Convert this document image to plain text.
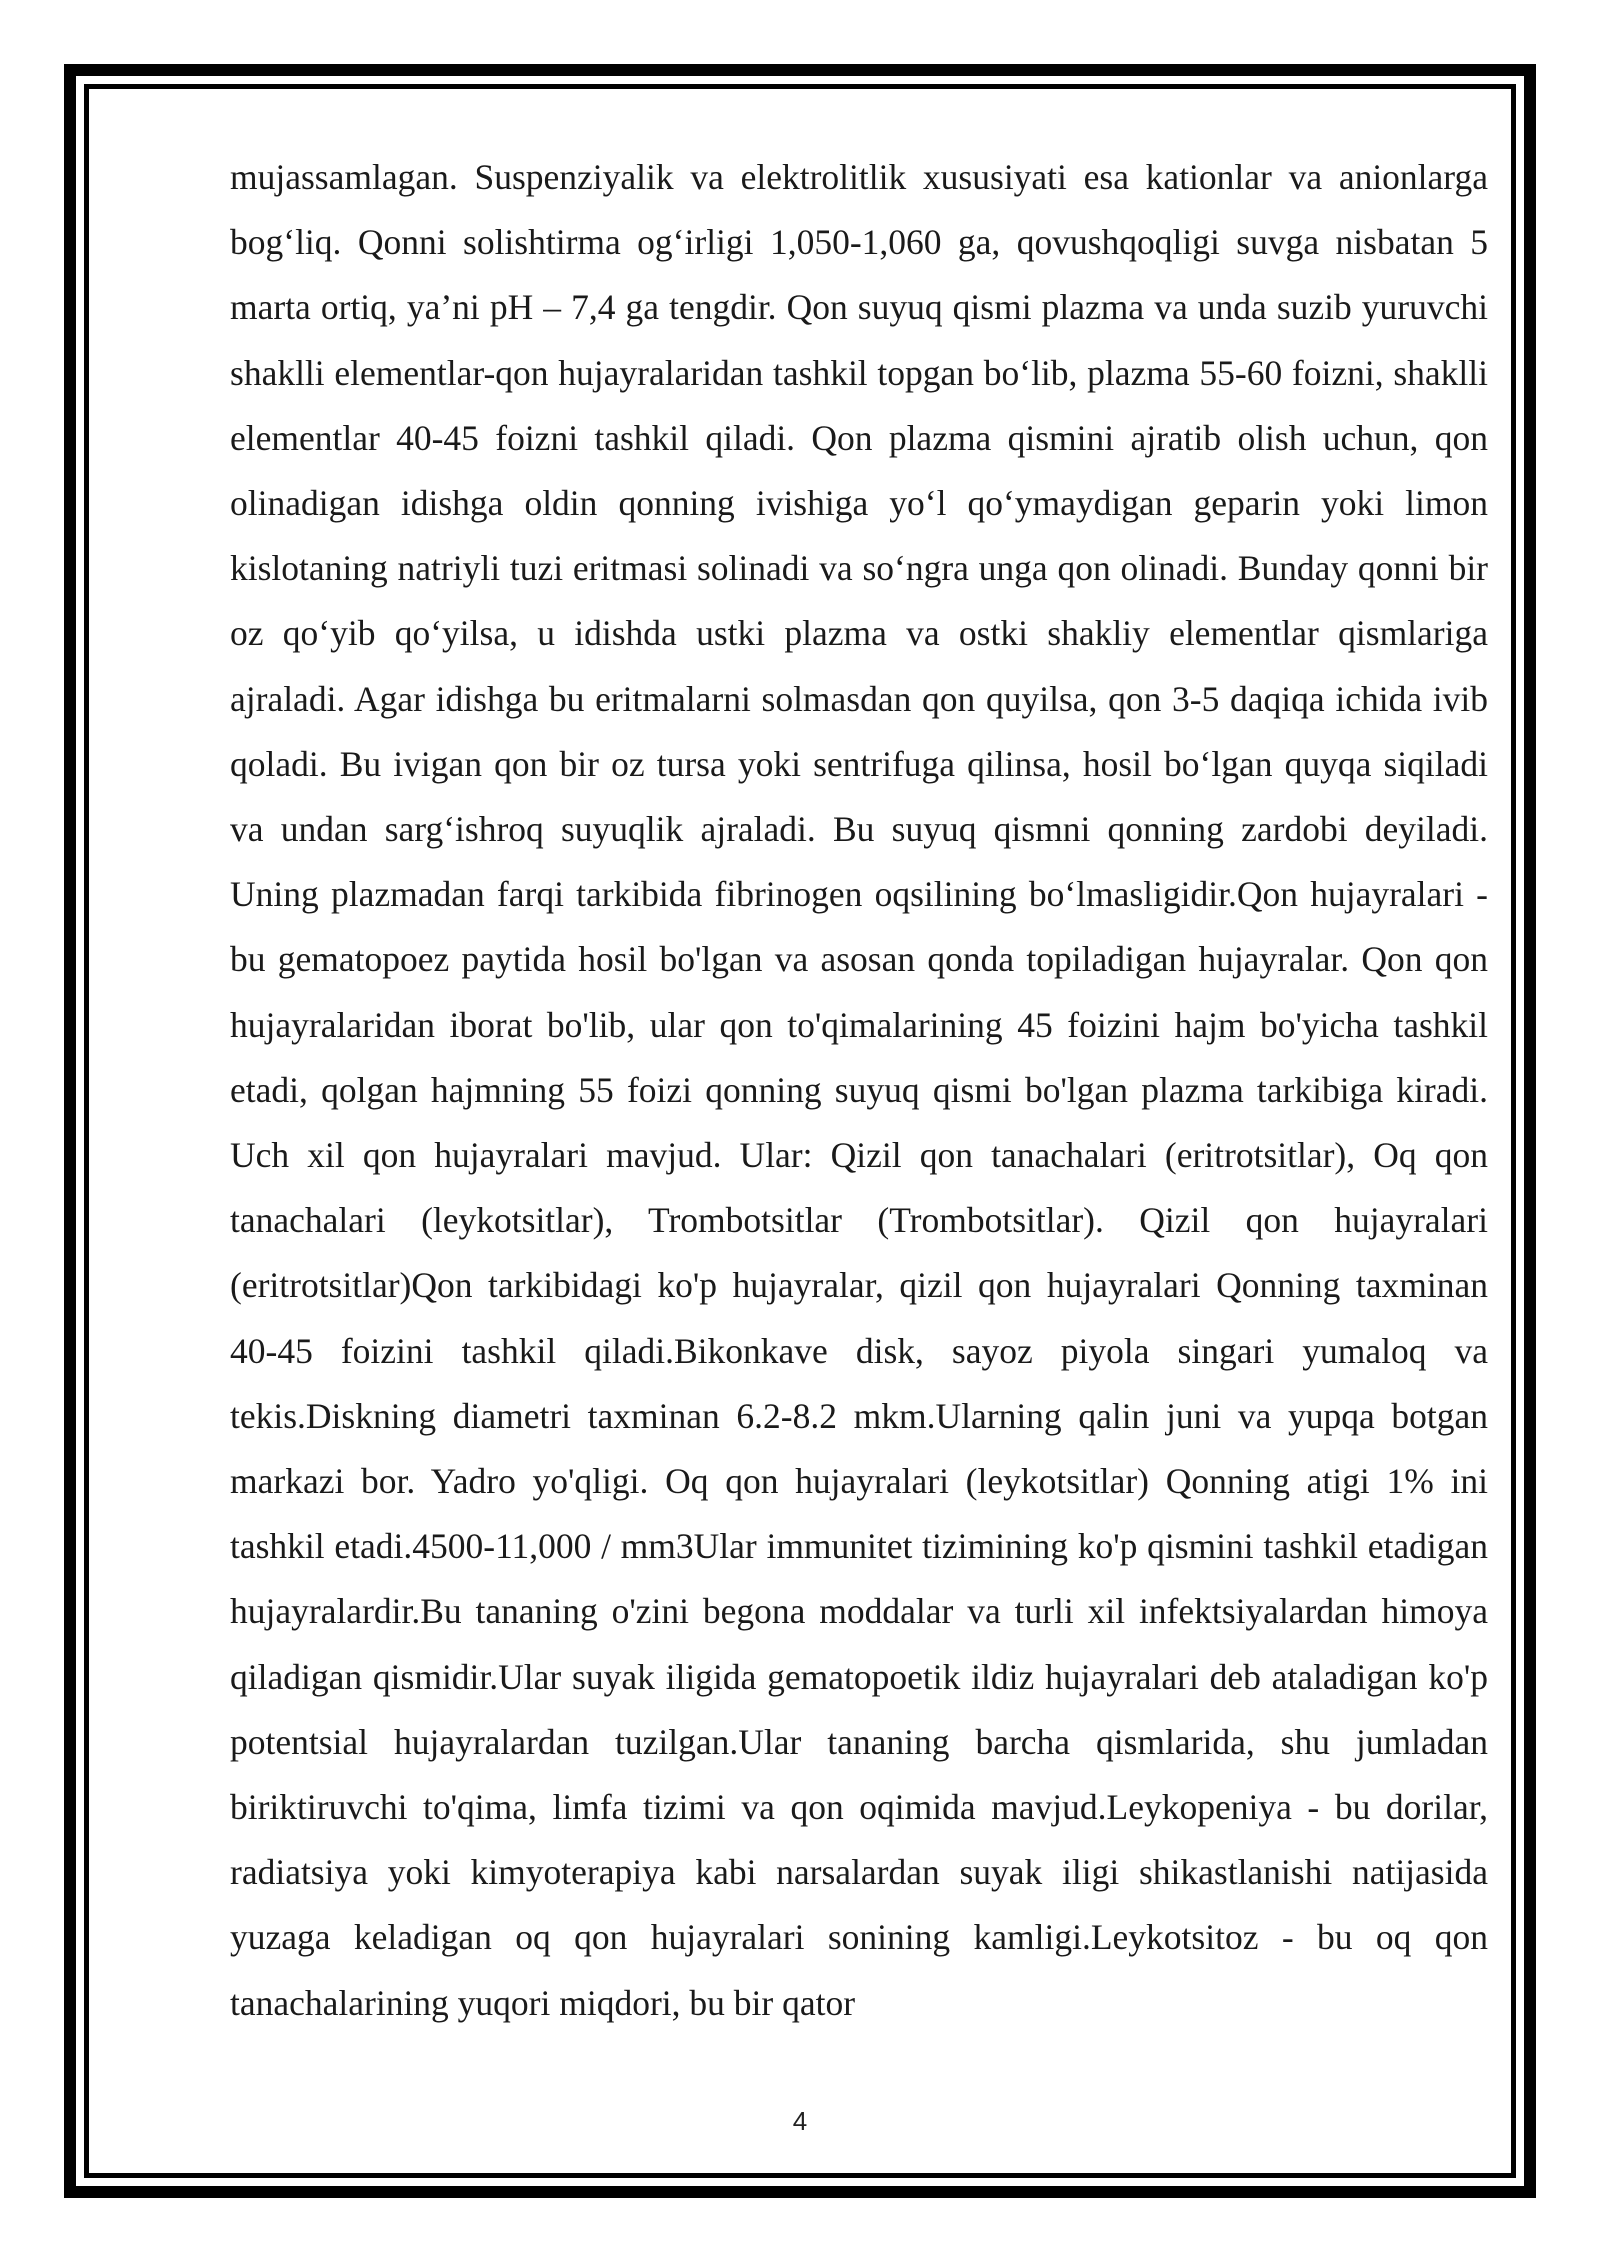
mujassamlagan. Suspenziyalik va elektrolitlik xususiyati esa kationlar va anionlarga bog‘liq. Qonni solishtirma og‘irligi 1,050-1,060 ga, qovushqoqligi suvga nisbatan 5 marta ortiq, ya’ni pH – 7,4 ga tengdir. Qon suyuq qismi plazma va unda suzib yuruvchi shaklli elementlar-qon hujayralaridan tashkil topgan bo‘lib, plazma 55-60 foizni, shaklli elementlar 40-45 foizni tashkil qiladi. Qon plazma qismini ajratib olish uchun, qon olinadigan idishga oldin qonning ivishiga yo‘l qo‘ymaydigan geparin yoki limon kislotaning natriyli tuzi eritmasi solinadi va so‘ngra unga qon olinadi. Bunday qonni bir oz qo‘yib qo‘yilsa, u idishda ustki plazma va ostki shakliy elementlar qismlariga ajraladi. Agar idishga bu eritmalarni solmasdan qon quyilsa, qon 3-5 daqiqa ichida ivib qoladi. Bu ivigan qon bir oz tursa yoki sentrifuga qilinsa, hosil bo‘lgan quyqa siqiladi va undan sarg‘ishroq suyuqlik ajraladi. Bu suyuq qismni qonning zardobi deyiladi. Uning plazmadan farqi tarkibida fibrinogen oqsilining bo‘lmasligidir.Qon hujayralari - bu gematopoez paytida hosil bo'lgan va asosan qonda topiladigan hujayralar. Qon qon hujayralaridan iborat bo'lib, ular qon to'qimalarining 45 foizini hajm bo'yicha tashkil etadi, qolgan hajmning 55 foizi qonning suyuq qismi bo'lgan plazma tarkibiga kiradi. Uch xil qon hujayralari mavjud. Ular: Qizil qon tanachalari (eritrotsitlar), Oq qon tanachalari (leykotsitlar), Trombotsitlar (Trombotsitlar). Qizil qon hujayralari (eritrotsitlar)Qon tarkibidagi ko'p hujayralar, qizil qon hujayralari Qonning taxminan 40-45 foizini tashkil qiladi.Bikonkave disk, sayoz piyola singari yumaloq va tekis.Diskning diametri taxminan 6.2-8.2 mkm.Ularning qalin juni va yupqa botgan markazi bor. Yadro yo'qligi. Oq qon hujayralari (leykotsitlar) Qonning atigi 1% ini tashkil etadi.4500-11,000 / mm3Ular immunitet tizimining ko'p qismini tashkil etadigan hujayralardir.Bu tananing o'zini begona moddalar va turli xil infektsiyalardan himoya qiladigan qismidir.Ular suyak iligida gematopoetik ildiz hujayralari deb ataladigan ko'p potentsial hujayralardan tuzilgan.Ular tananing barcha qismlarida, shu jumladan biriktiruvchi to'qima, limfa tizimi va qon oqimida mavjud.Leykopeniya - bu dorilar, radiatsiya yoki kimyoterapiya kabi narsalardan suyak iligi shikastlanishi natijasida yuzaga keladigan oq qon hujayralari sonining kamligi.Leykotsitoz - bu oq qon tanachalarining yuqori miqdori, bu bir qator

4
